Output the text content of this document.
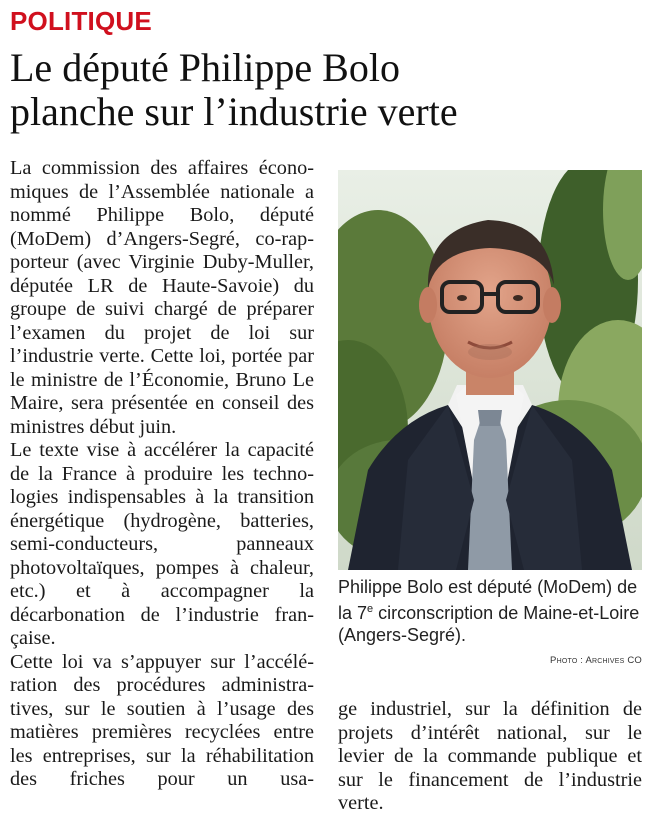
POLITIQUE
Le député Philippe Bolo
planche sur l’industrie verte

La commission des affaires économiques de l’Assemblée nationale a nommé Philippe Bolo, député (MoDem) d’Angers-Segré, co-rapporteur (avec Virginie Duby-Muller, députée LR de Haute-Savoie) du groupe de suivi chargé de préparer l’examen du projet de loi sur l’industrie verte. Cette loi, portée par le ministre de l’Économie, Bruno Le Maire, sera présentée en conseil des ministres début juin.

Le texte vise à accélérer la capacité de la France à produire les technologies indispensables à la transition énergétique (hydrogène, batteries, semi-conducteurs, panneaux photovoltaïques, pompes à chaleur, etc.) et à accompagner la décarbonation de l’industrie française.

Cette loi va s’appuyer sur l’accélération des procédures administratives, sur le soutien à l’usage des matières premières recyclées entre les entreprises, sur la réhabilitation des friches pour un usa-

Philippe Bolo est député (MoDem) de la 7e circonscription de Maine-et-Loire (Angers-Segré).
Photo : Archives CO

ge industriel, sur la définition de projets d’intérêt national, sur le levier de la commande publique et sur le financement de l’industrie verte.
